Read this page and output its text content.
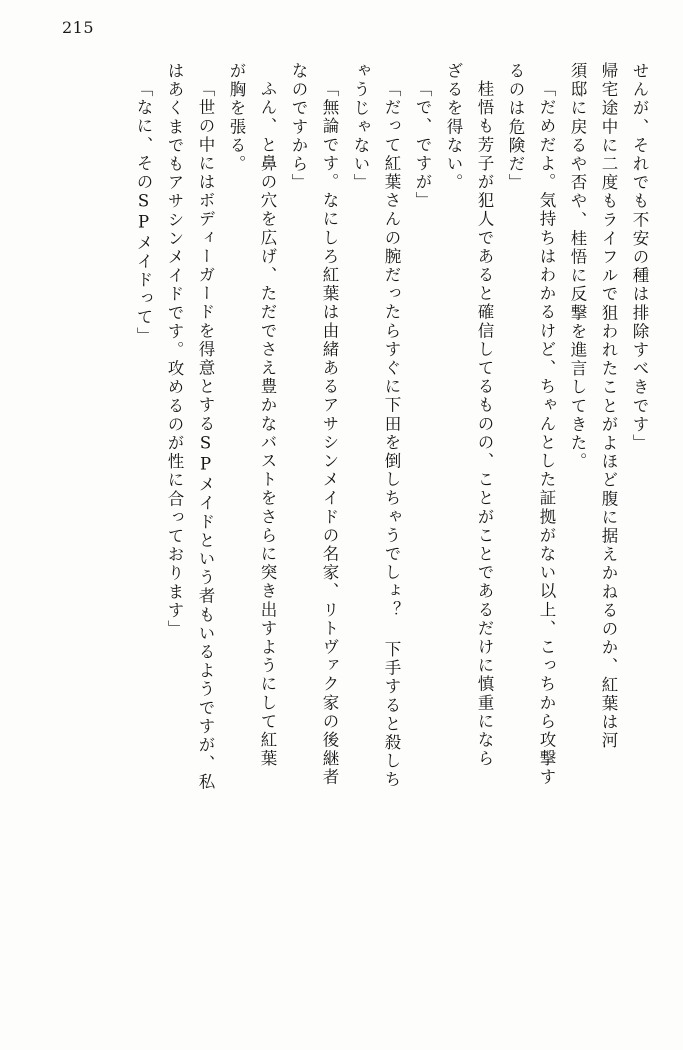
215
せんが、それでも不安の種は排除すべきです」
帰宅途中に二度もライフルで狙われたことがよほど腹に据えかねるのか、紅葉は河
須邸に戻るや否や、桂悟に反撃を進言してきた。
「だめだよ。気持ちはわかるけど、ちゃんとした証拠がない以上、こっちから攻撃す
るのは危険だ」
桂悟も芳子が犯人であると確信してるものの、ことがことであるだけに慎重になら
ざるを得ない。
「で、ですが」
「だって紅葉さんの腕だったらすぐに下田を倒しちゃうでしょ？ 下手すると殺しち
ゃうじゃない」
「無論です。なにしろ紅葉は由緒あるアサシンメイドの名家、リトヴァク家の後継者
なのですから」
ふん、と鼻の穴を広げ、ただでさえ豊かなバストをさらに突き出すようにして紅葉
が胸を張る。
「世の中にはボディーガードを得意とするSPメイドという者もいるようですが、私
はあくまでもアサシンメイドです。攻めるのが性に合っております」
「なに、そのSPメイドって」
